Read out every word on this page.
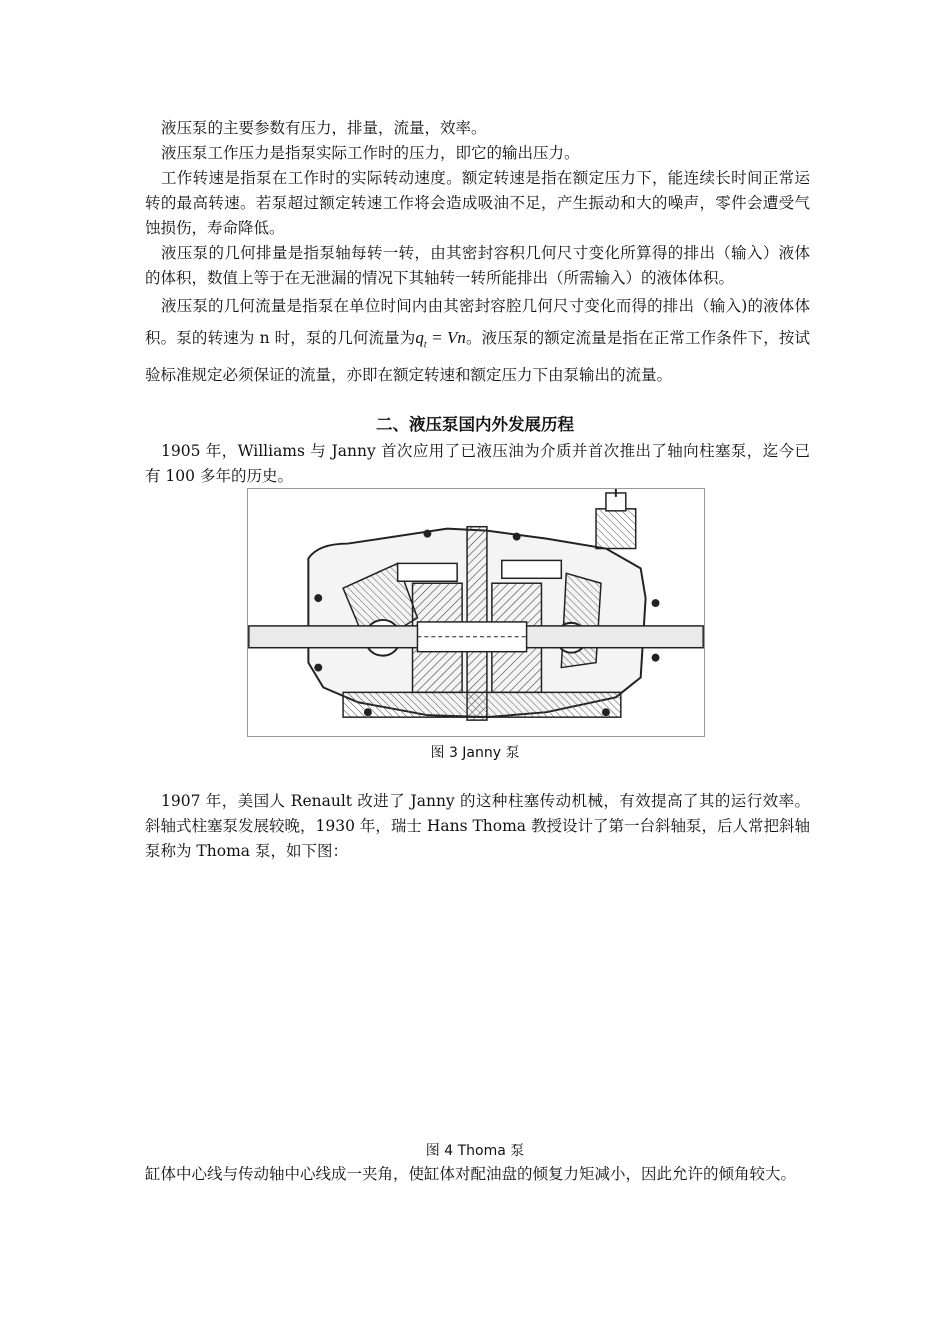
液压泵的主要参数有压力，排量，流量，效率。

液压泵工作压力是指泵实际工作时的压力，即它的输出压力。

工作转速是指泵在工作时的实际转动速度。额定转速是指在额定压力下，能连续长时间正常运转的最高转速。若泵超过额定转速工作将会造成吸油不足，产生振动和大的噪声，零件会遭受气蚀损伤，寿命降低。

液压泵的几何排量是指泵轴每转一转，由其密封容积几何尺寸变化所算得的排出（输入）液体的体积，数值上等于在无泄漏的情况下其轴转一转所能排出（所需输入）的液体体积。

液压泵的几何流量是指泵在单位时间内由其密封容腔几何尺寸变化而得的排出（输入)的液体体积。泵的转速为 n 时，泵的几何流量为$q_t = Vn$。液压泵的额定流量是指在正常工作条件下，按试验标准规定必须保证的流量，亦即在额定转速和额定压力下由泵输出的流量。

二、液压泵国内外发展历程

1905 年，Williams 与 Janny 首次应用了已液压油为介质并首次推出了轴向柱塞泵，迄今已有 100 多年的历史。

图 3 Janny 泵

1907 年，美国人 Renault 改进了 Janny 的这种柱塞传动机械，有效提高了其的运行效率。斜轴式柱塞泵发展较晚，1930 年，瑞士 Hans Thoma 教授设计了第一台斜轴泵，后人常把斜轴泵称为 Thoma 泵，如下图：

图 4 Thoma 泵

缸体中心线与传动轴中心线成一夹角，使缸体对配油盘的倾复力矩减小，因此允许的倾角较大。
